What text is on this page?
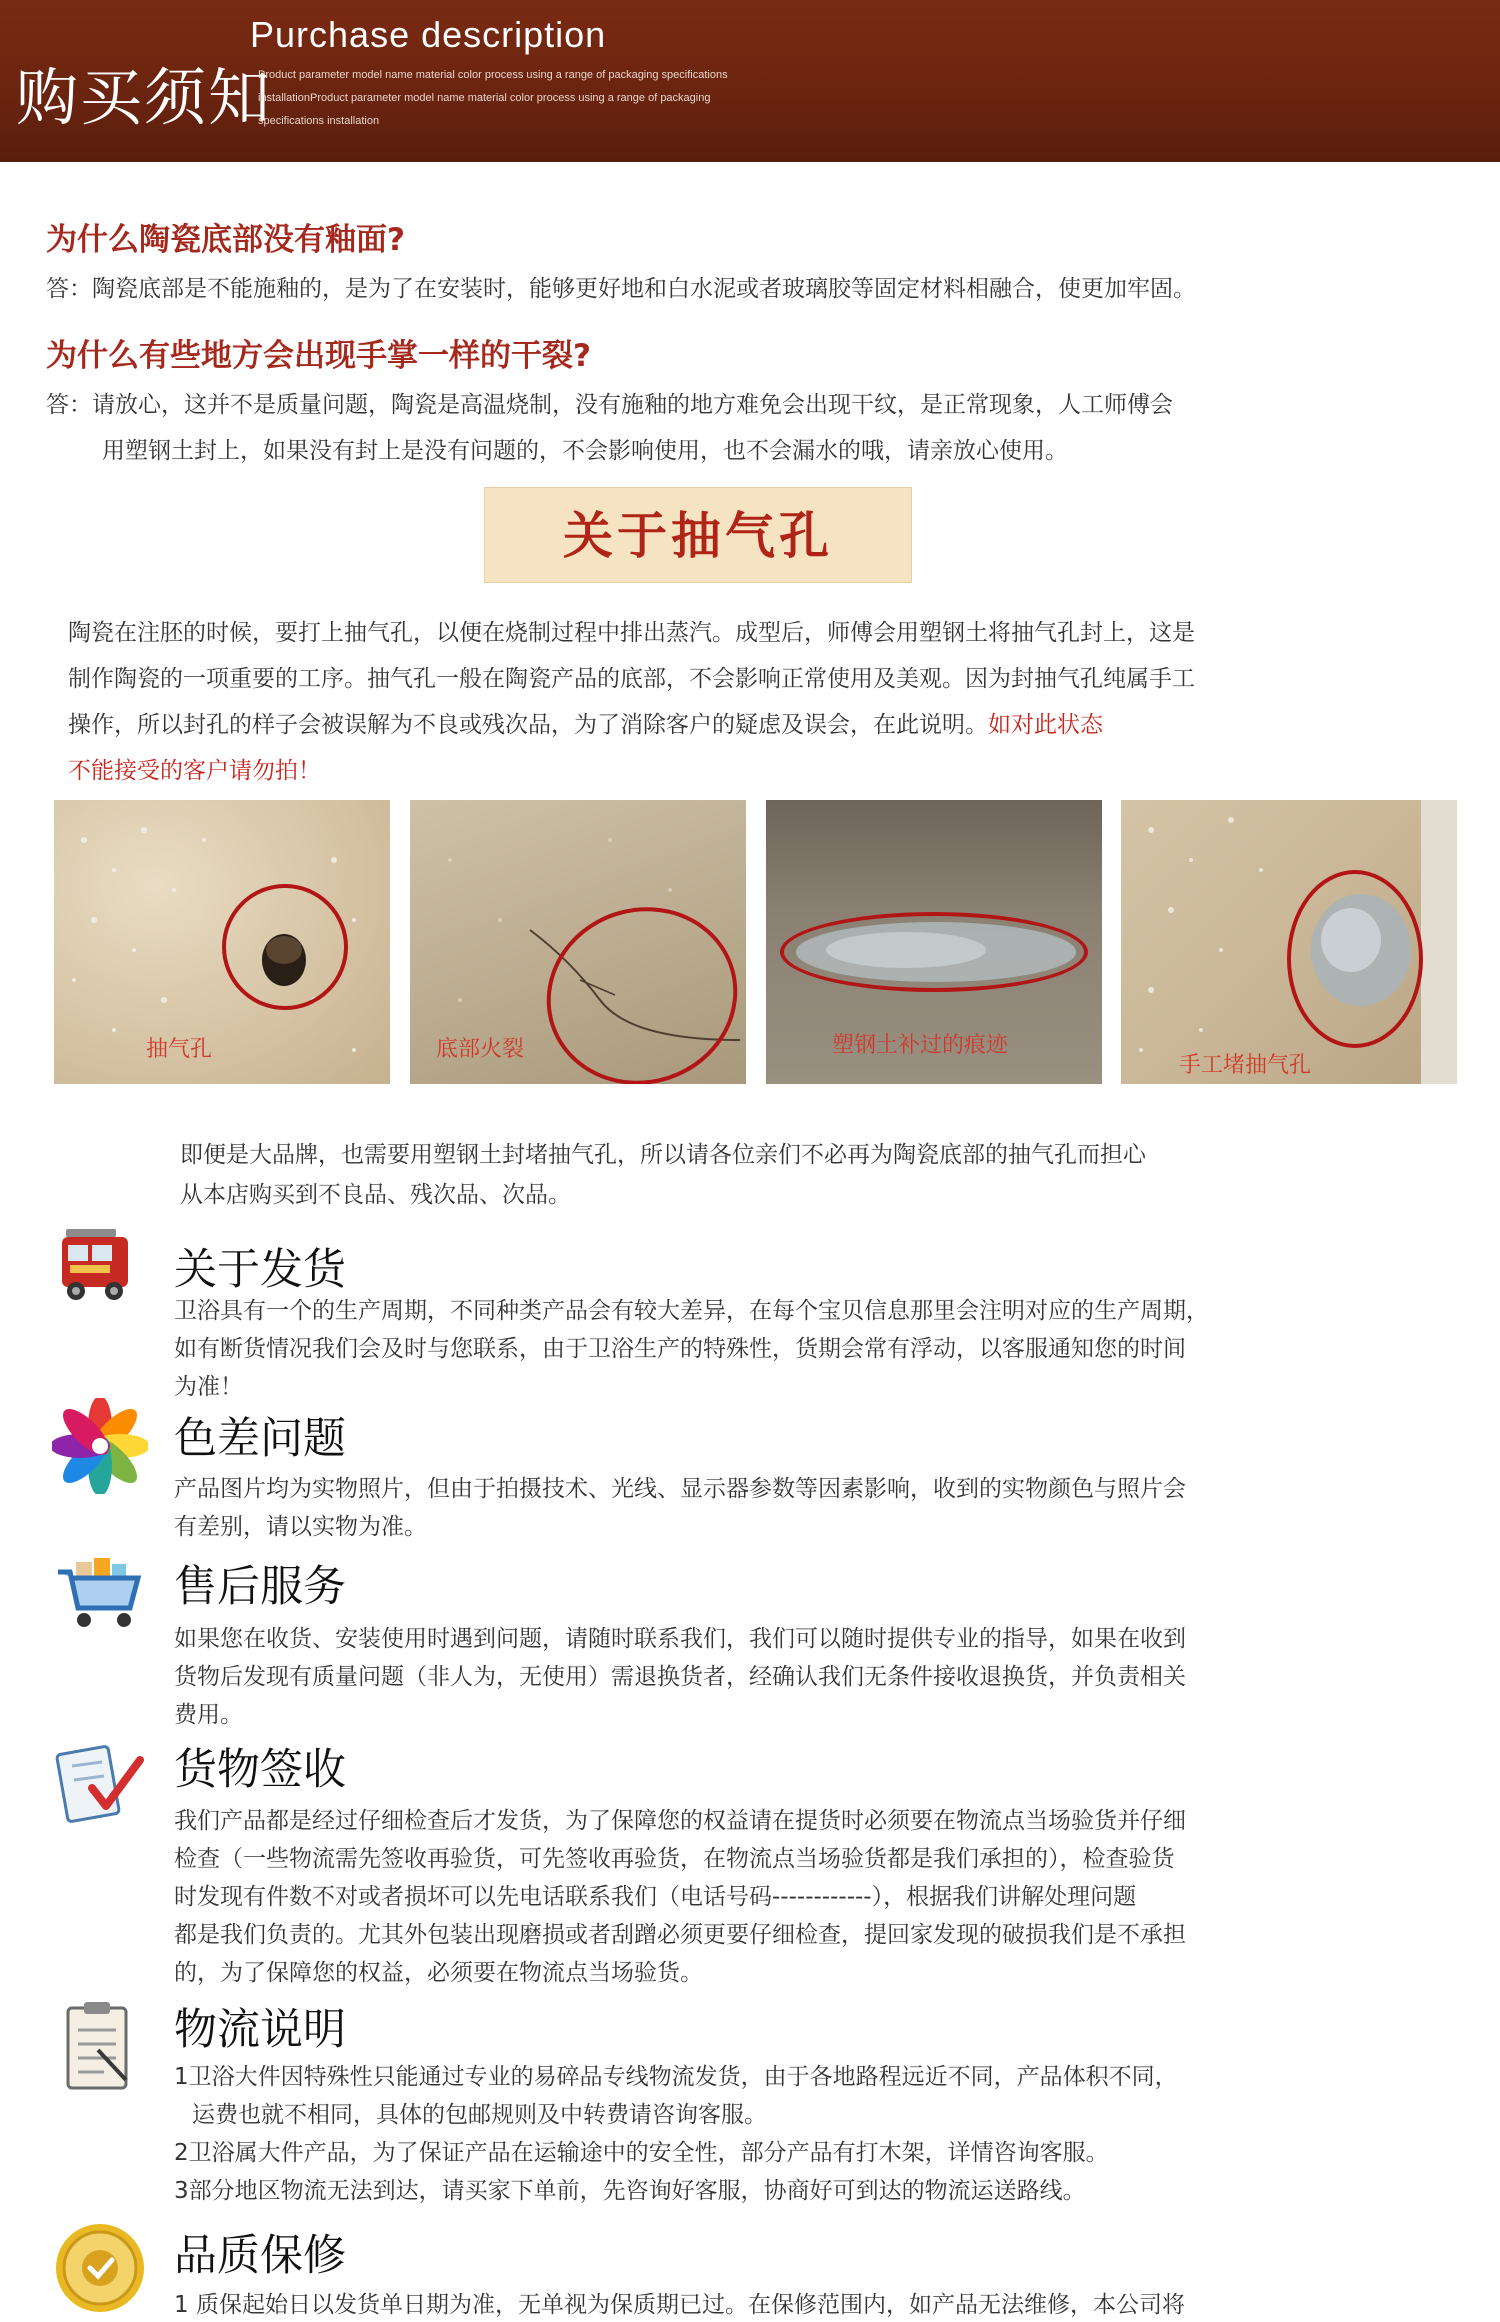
购买须知
Purchase description
Product parameter model name material color process using a range of packaging specifications installationProduct parameter model name material color process using a range of packaging specifications installation
为什么陶瓷底部没有釉面?
答：陶瓷底部是不能施釉的，是为了在安装时，能够更好地和白水泥或者玻璃胶等固定材料相融合，使更加牢固。
为什么有些地方会出现手掌一样的干裂?
答：请放心，这并不是质量问题，陶瓷是高温烧制，没有施釉的地方难免会出现干纹，是正常现象，人工师傅会
用塑钢土封上，如果没有封上是没有问题的，不会影响使用，也不会漏水的哦，请亲放心使用。
关于抽气孔
陶瓷在注胚的时候，要打上抽气孔，以便在烧制过程中排出蒸汽。成型后，师傅会用塑钢土将抽气孔封上，这是
制作陶瓷的一项重要的工序。抽气孔一般在陶瓷产品的底部，不会影响正常使用及美观。因为封抽气孔纯属手工
操作，所以封孔的样子会被误解为不良或残次品，为了消除客户的疑虑及误会，在此说明。如对此状态
不能接受的客户请勿拍！
抽气孔	底部火裂	塑钢土补过的痕迹
手工堵抽气孔
即便是大品牌，也需要用塑钢土封堵抽气孔，所以请各位亲们不必再为陶瓷底部的抽气孔而担心
从本店购买到不良品、残次品、次品。
关于发货
卫浴具有一个的生产周期，不同种类产品会有较大差异，在每个宝贝信息那里会注明对应的生产周期，
如有断货情况我们会及时与您联系，由于卫浴生产的特殊性，货期会常有浮动，以客服通知您的时间
为准！
色差问题
产品图片均为实物照片，但由于拍摄技术、光线、显示器参数等因素影响，收到的实物颜色与照片会
有差别，请以实物为准。
售后服务
如果您在收货、安装使用时遇到问题，请随时联系我们，我们可以随时提供专业的指导，如果在收到
货物后发现有质量问题（非人为，无使用）需退换货者，经确认我们无条件接收退换货，并负责相关
费用。
货物签收
我们产品都是经过仔细检查后才发货，为了保障您的权益请在提货时必须要在物流点当场验货并仔细
检查（一些物流需先签收再验货，可先签收再验货，在物流点当场验货都是我们承担的），检查验货
时发现有件数不对或者损坏可以先电话联系我们（电话号码------------），根据我们讲解处理问题
都是我们负责的。尤其外包装出现磨损或者刮蹭必须更要仔细检查，提回家发现的破损我们是不承担
的，为了保障您的权益，必须要在物流点当场验货。
物流说明
1卫浴大件因特殊性只能通过专业的易碎品专线物流发货，由于各地路程远近不同，产品体积不同，
运费也就不相同，具体的包邮规则及中转费请咨询客服。
2卫浴属大件产品，为了保证产品在运输途中的安全性，部分产品有打木架，详情咨询客服。
3部分地区物流无法到达，请买家下单前，先咨询好客服，协商好可到达的物流运送路线。
品质保修
1 质保起始日以发货单日期为准，无单视为保质期已过。在保修范围内，如产品无法维修，本公司将
